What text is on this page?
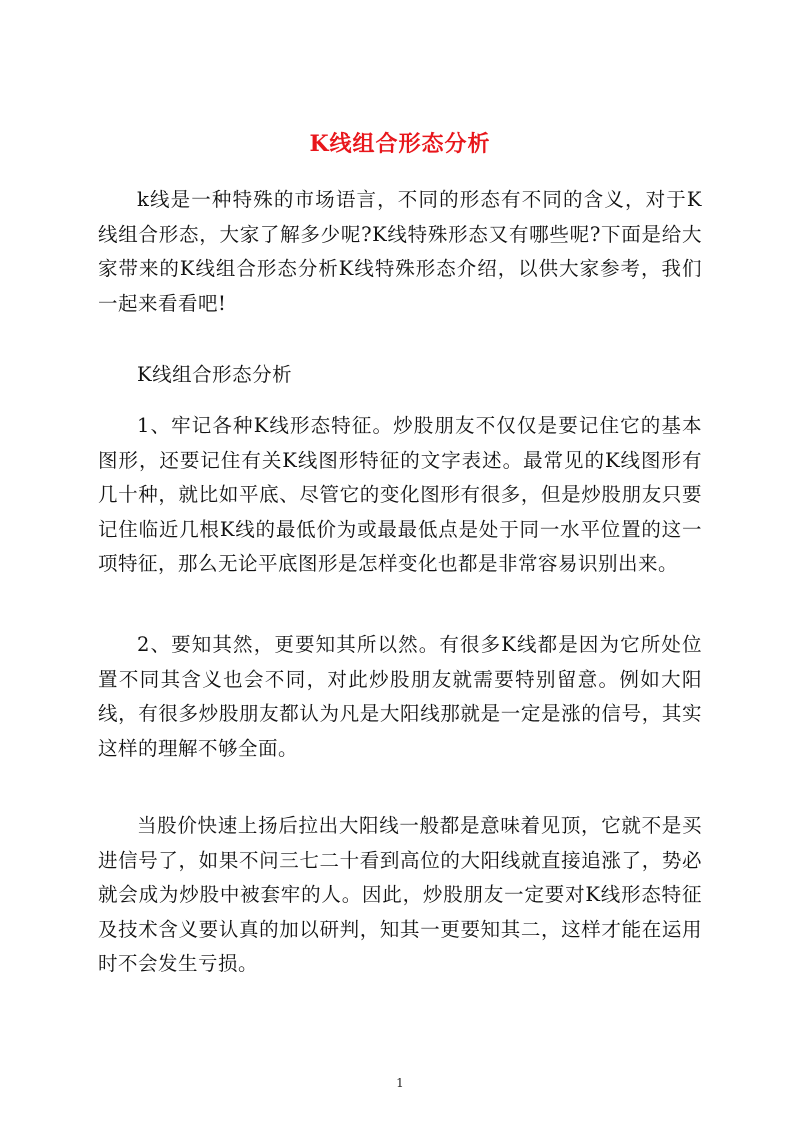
K线组合形态分析

k线是一种特殊的市场语言，不同的形态有不同的含义，对于K线组合形态，大家了解多少呢?K线特殊形态又有哪些呢?下面是给大家带来的K线组合形态分析K线特殊形态介绍，以供大家参考，我们一起来看看吧!

K线组合形态分析

1、牢记各种K线形态特征。炒股朋友不仅仅是要记住它的基本图形，还要记住有关K线图形特征的文字表述。最常见的K线图形有几十种，就比如平底、尽管它的变化图形有很多，但是炒股朋友只要记住临近几根K线的最低价为或最最低点是处于同一水平位置的这一项特征，那么无论平底图形是怎样变化也都是非常容易识别出来。

2、要知其然，更要知其所以然。有很多K线都是因为它所处位置不同其含义也会不同，对此炒股朋友就需要特别留意。例如大阳线，有很多炒股朋友都认为凡是大阳线那就是一定是涨的信号，其实这样的理解不够全面。

当股价快速上扬后拉出大阳线一般都是意味着见顶，它就不是买进信号了，如果不问三七二十看到高位的大阳线就直接追涨了，势必就会成为炒股中被套牢的人。因此，炒股朋友一定要对K线形态特征及技术含义要认真的加以研判，知其一更要知其二，这样才能在运用时不会发生亏损。

1
